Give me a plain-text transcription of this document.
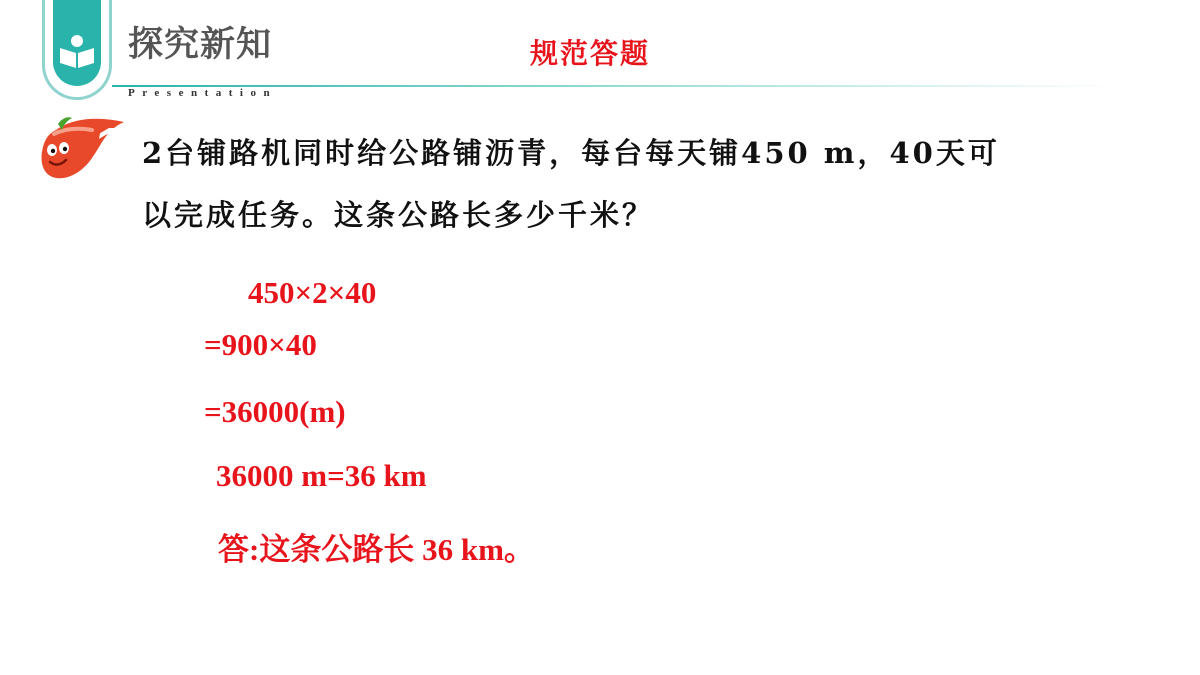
探究新知
Presentation
规范答题
1 2台铺路机同时给公路铺沥青，每台每天铺450 m，40天可
以完成任务。这条公路长多少千米？
450×2×40
=900×40
=36000(m)
36000 m=36 km
答:这条公路长 36 km。
